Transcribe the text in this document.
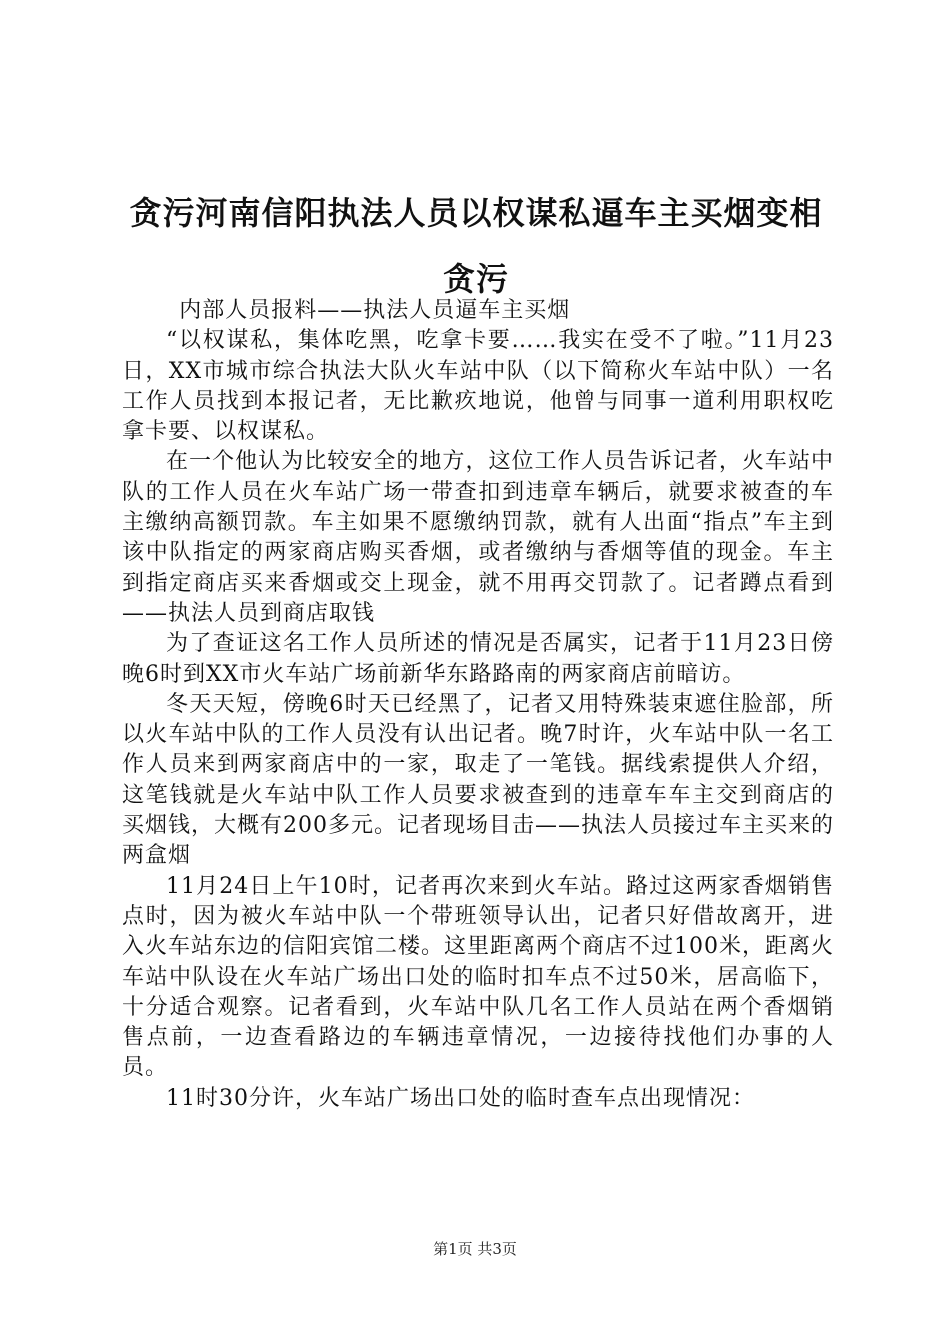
贪污河南信阳执法人员以权谋私逼车主买烟变相贪污

内部人员报料——执法人员逼车主买烟

“以权谋私，集体吃黑，吃拿卡要……我实在受不了啦。”11月23日，XX市城市综合执法大队火车站中队（以下简称火车站中队）一名工作人员找到本报记者，无比歉疚地说，他曾与同事一道利用职权吃拿卡要、以权谋私。

在一个他认为比较安全的地方，这位工作人员告诉记者，火车站中队的工作人员在火车站广场一带查扣到违章车辆后，就要求被查的车主缴纳高额罚款。车主如果不愿缴纳罚款，就有人出面“指点”车主到该中队指定的两家商店购买香烟，或者缴纳与香烟等值的现金。车主到指定商店买来香烟或交上现金，就不用再交罚款了。记者蹲点看到——执法人员到商店取钱

为了查证这名工作人员所述的情况是否属实，记者于11月23日傍晚6时到XX市火车站广场前新华东路路南的两家商店前暗访。

冬天天短，傍晚6时天已经黑了，记者又用特殊装束遮住脸部，所以火车站中队的工作人员没有认出记者。晚7时许，火车站中队一名工作人员来到两家商店中的一家，取走了一笔钱。据线索提供人介绍，这笔钱就是火车站中队工作人员要求被查到的违章车车主交到商店的买烟钱，大概有200多元。记者现场目击——执法人员接过车主买来的两盒烟

11月24日上午10时，记者再次来到火车站。路过这两家香烟销售点时，因为被火车站中队一个带班领导认出，记者只好借故离开，进入火车站东边的信阳宾馆二楼。这里距离两个商店不过100米，距离火车站中队设在火车站广场出口处的临时扣车点不过50米，居高临下，十分适合观察。记者看到，火车站中队几名工作人员站在两个香烟销售点前，一边查看路边的车辆违章情况，一边接待找他们办事的人员。

11时30分许，火车站广场出口处的临时查车点出现情况：

第1页 共3页
